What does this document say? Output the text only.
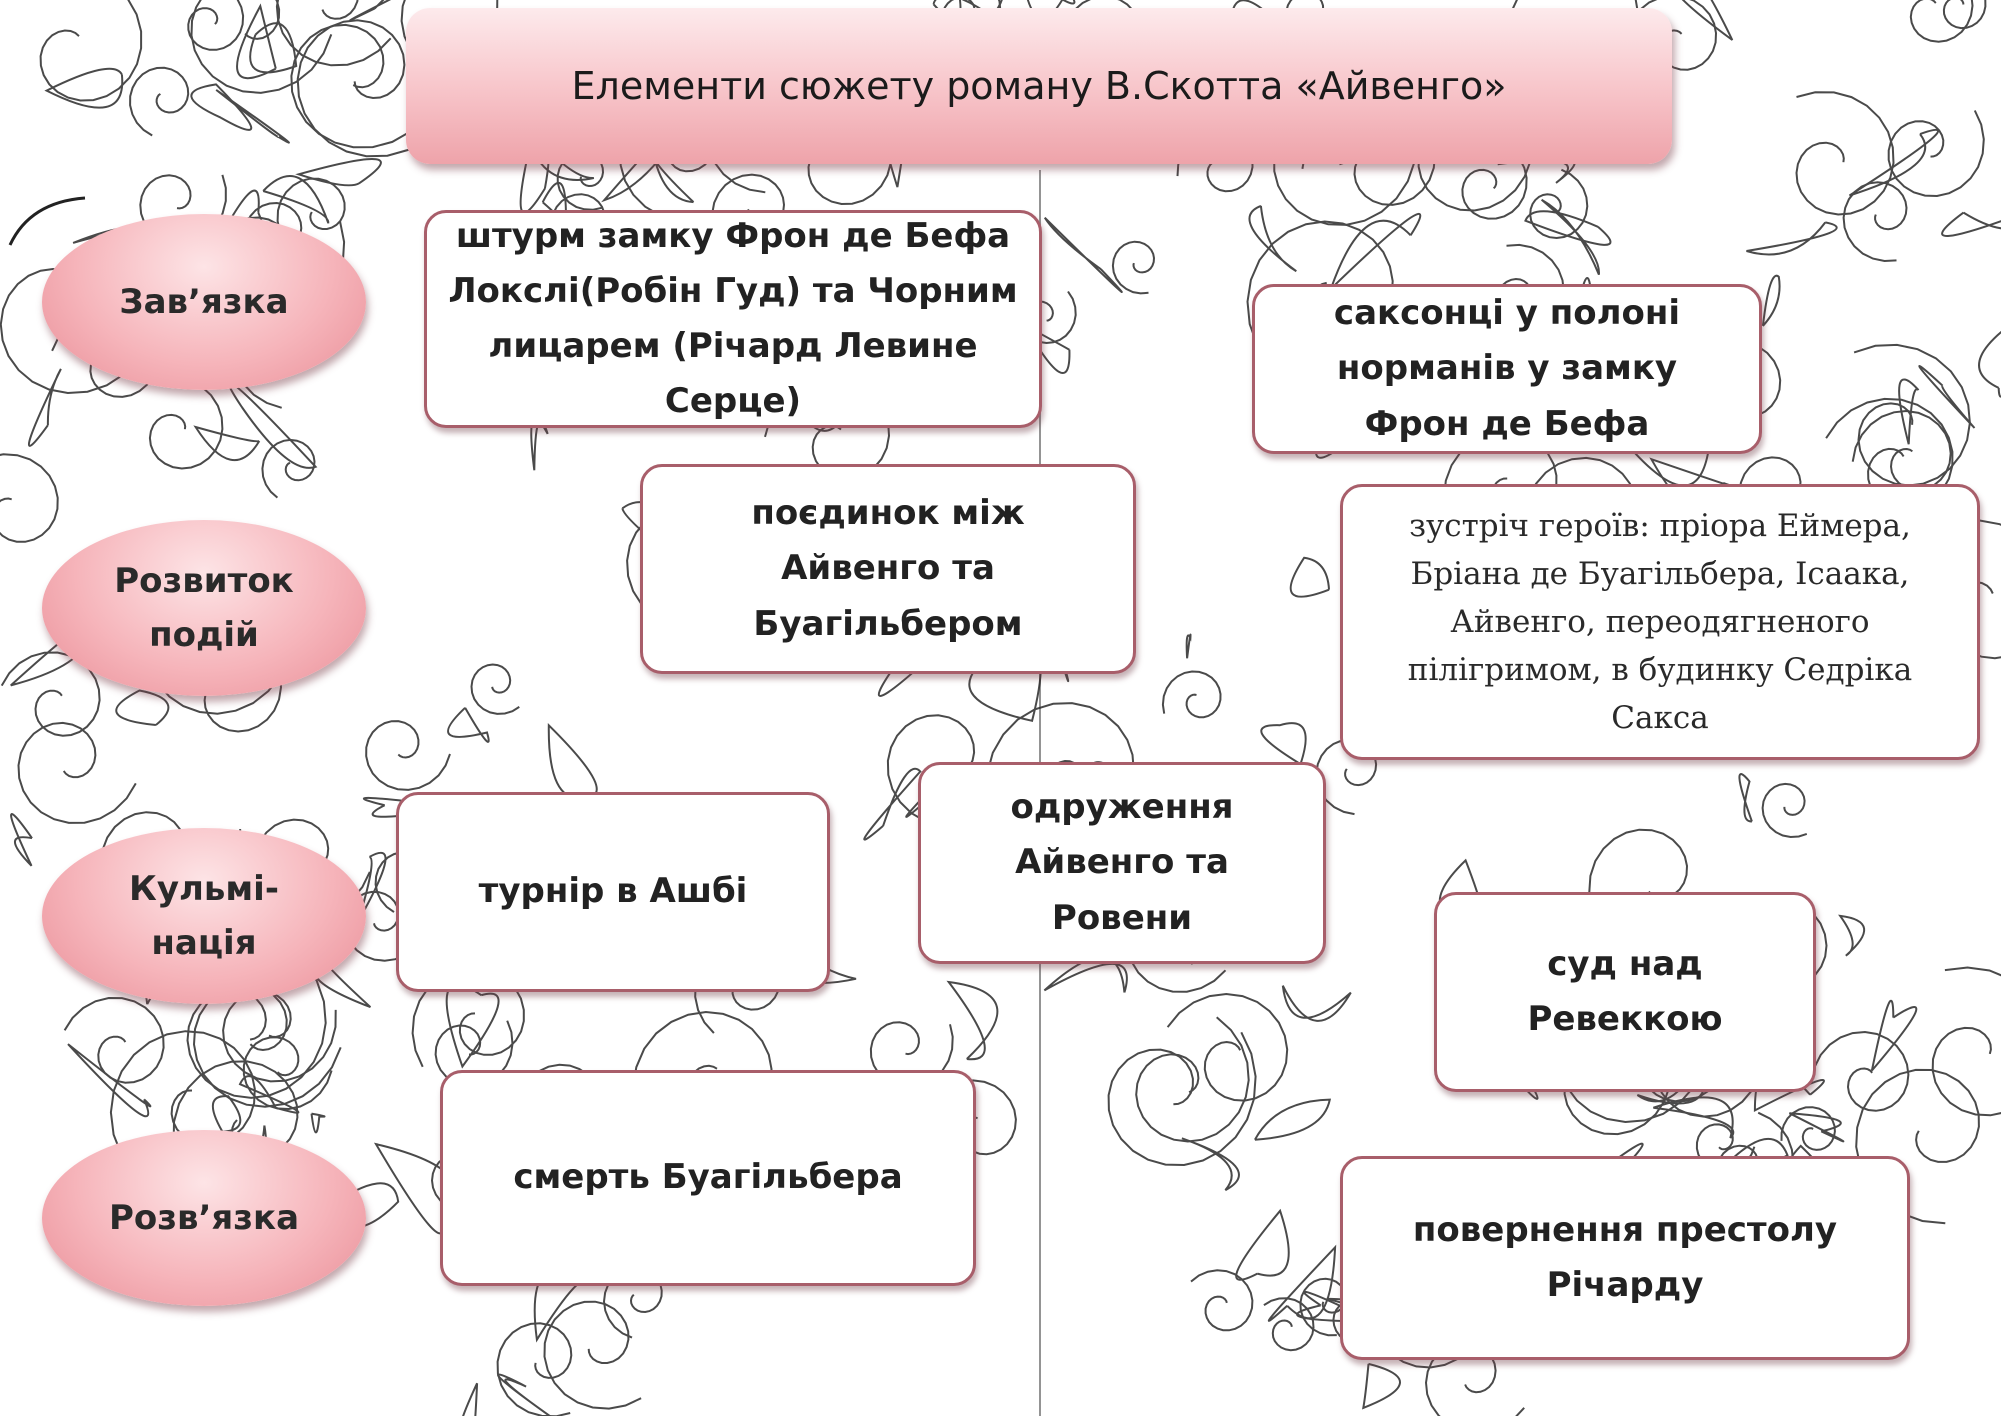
Елементи сюжету роману В.Скотта «Айвенго»
Зав’язка
Розвиток
подій
Кульмі-
нація
Розв’язка
штурм замку Фрон де Бефа
Локслі(Робін Гуд) та Чорним
лицарем (Річард Левине
Серце)
саксонці у полоні
норманів у замку
Фрон де Бефа
поєдинок між
Айвенго та
Буагільбером
зустріч героїв: пріора Еймера,
Бріана де Буагільбера, Ісаака,
Айвенго, переодягненого
пілігримом, в будинку Седріка
Сакса
турнір в Ашбі
одруження
Айвенго та
Ровени
суд над
Ревеккою
смерть Буагільбера
повернення престолу
Річарду
